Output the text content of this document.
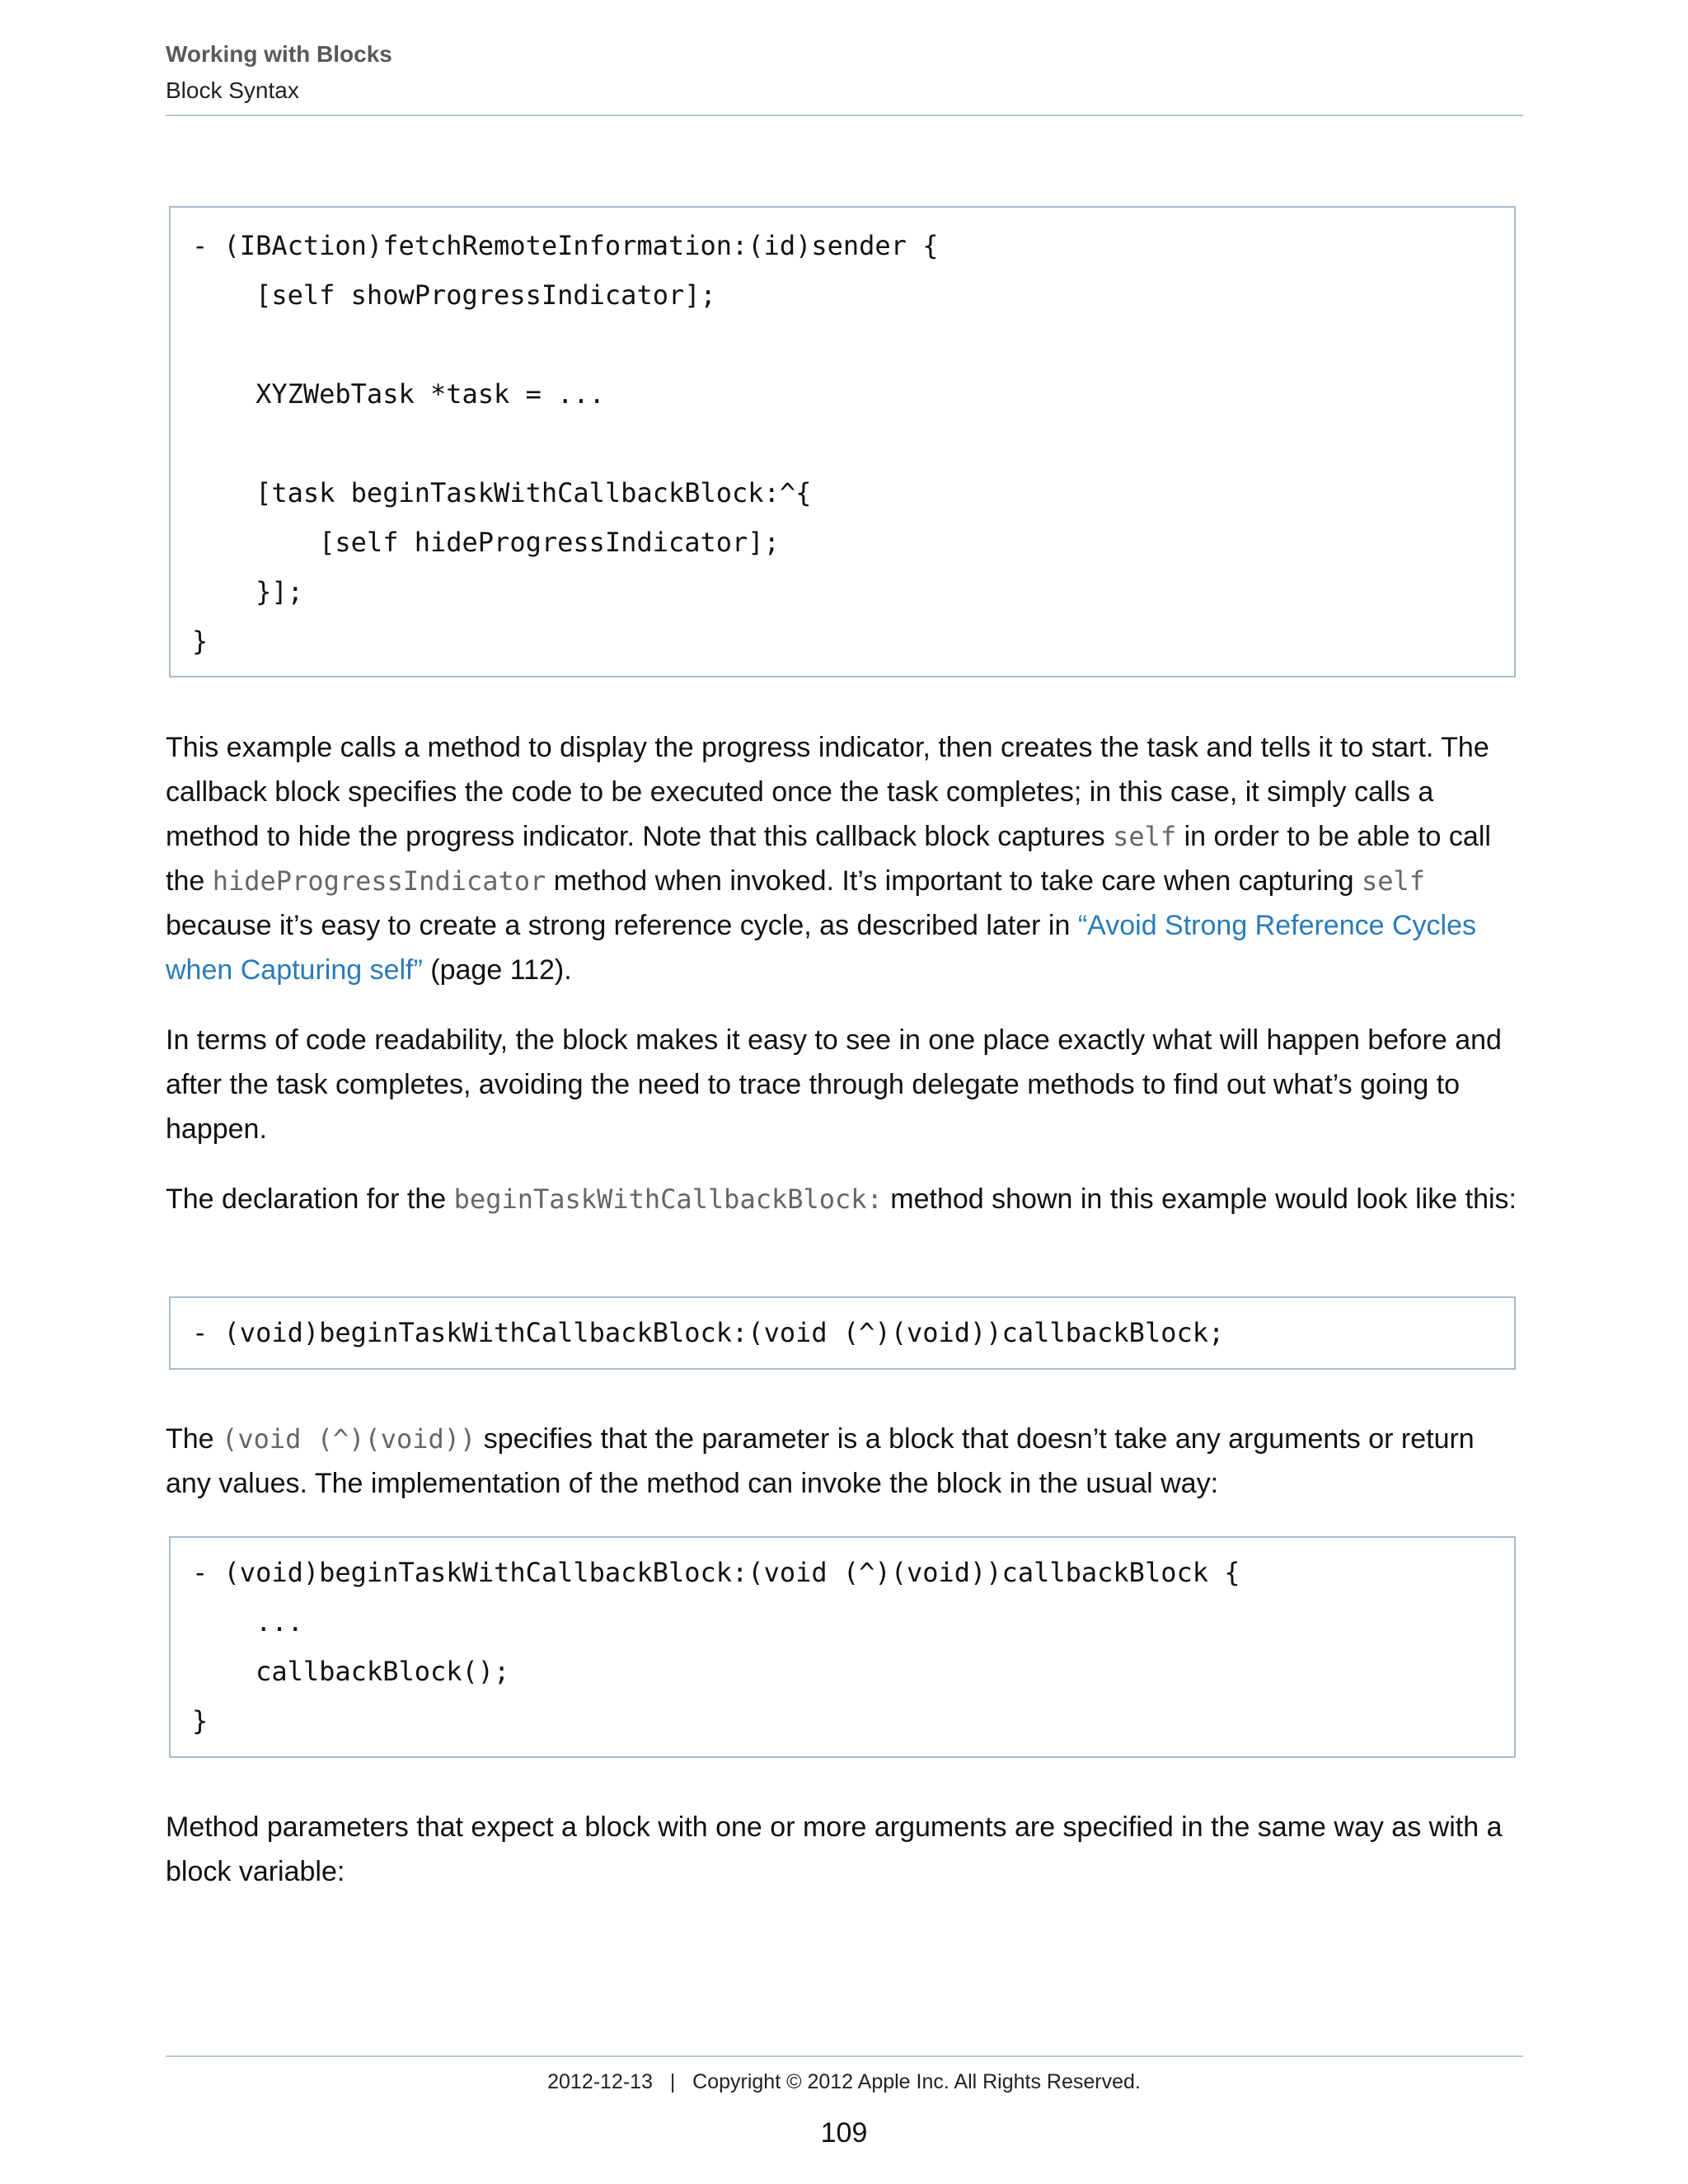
Working with Blocks
Block Syntax
- (IBAction)fetchRemoteInformation:(id)sender {
[self showProgressIndicator];
XYZWebTask *task = ...
[task beginTaskWithCallbackBlock:^{
[self hideProgressIndicator];
}];
}

This example calls a method to display the progress indicator, then creates the task and tells it to start. The callback block specifies the code to be executed once the task completes; in this case, it simply calls a method to hide the progress indicator. Note that this callback block captures self in order to be able to call the hideProgressIndicator method when invoked. It’s important to take care when capturing self because it’s easy to create a strong reference cycle, as described later in “Avoid Strong Reference Cycles when Capturing self” (page 112).

In terms of code readability, the block makes it easy to see in one place exactly what will happen before and after the task completes, avoiding the need to trace through delegate methods to find out what’s going to happen.

The declaration for the beginTaskWithCallbackBlock: method shown in this example would look like this:

- (void)beginTaskWithCallbackBlock:(void (^)(void))callbackBlock;

The (void (^)(void)) specifies that the parameter is a block that doesn’t take any arguments or return any values. The implementation of the method can invoke the block in the usual way:

- (void)beginTaskWithCallbackBlock:(void (^)(void))callbackBlock {
...
callbackBlock();
}

Method parameters that expect a block with one or more arguments are specified in the same way as with a block variable:

2012-12-13   |   Copyright © 2012 Apple Inc. All Rights Reserved.
109
